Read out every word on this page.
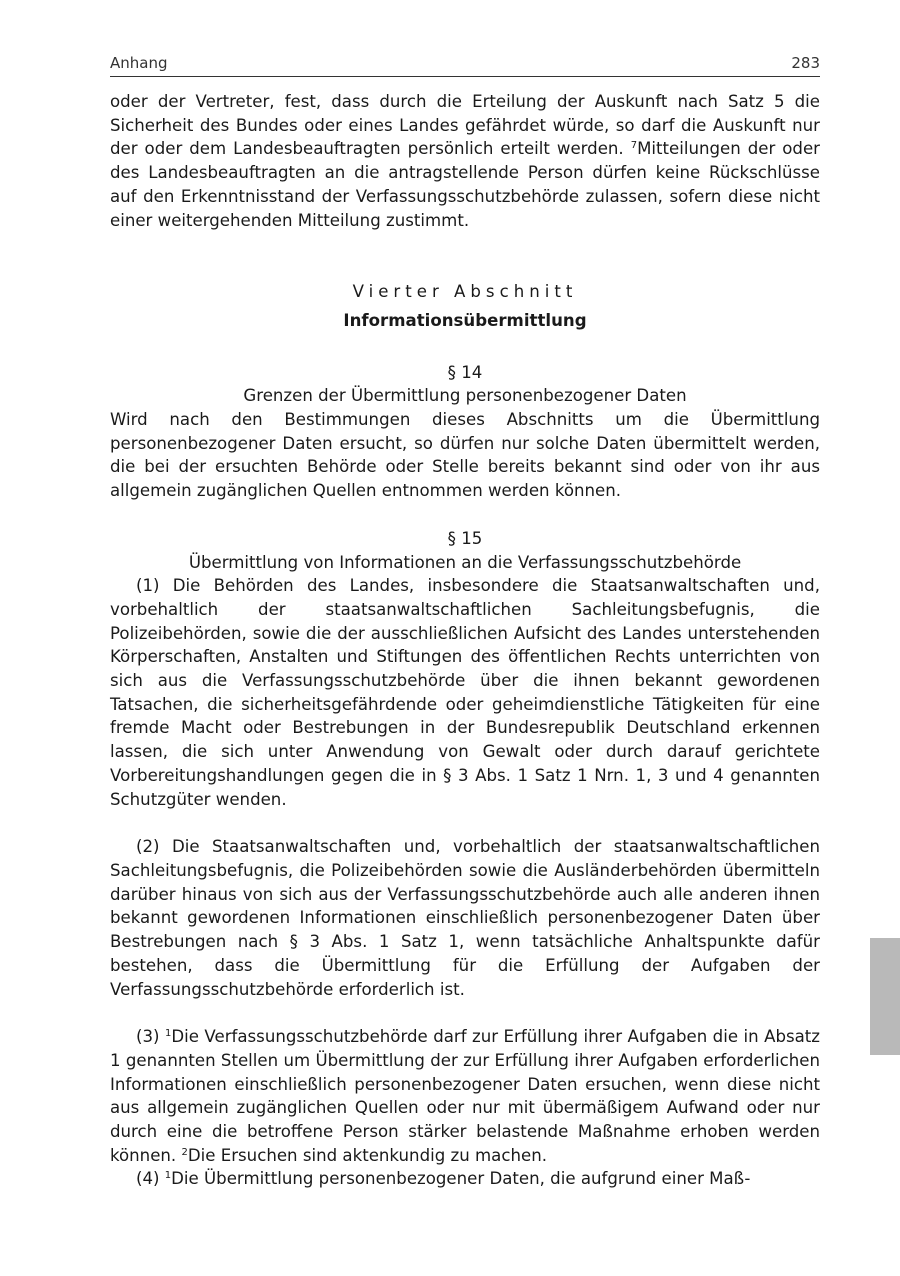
Anhang	283

oder der Vertreter, fest, dass durch die Erteilung der Auskunft nach Satz 5 die Sicherheit des Bundes oder eines Landes gefährdet würde, so darf die Auskunft nur der oder dem Landesbeauftragten persönlich erteilt werden. $^7$Mitteilungen der oder des Landesbeauftragten an die antragstellende Person dürfen keine Rückschlüsse auf den Erkenntnisstand der Verfassungsschutzbehörde zulassen, sofern diese nicht einer weitergehenden Mitteilung zustimmt.

Vierter Abschnitt

Informationsübermittlung

§ 14

Grenzen der Übermittlung personenbezogener Daten

Wird nach den Bestimmungen dieses Abschnitts um die Übermittlung personenbezogener Daten ersucht, so dürfen nur solche Daten übermittelt werden, die bei der ersuchten Behörde oder Stelle bereits bekannt sind oder von ihr aus allgemein zugänglichen Quellen entnommen werden können.

§ 15

Übermittlung von Informationen an die Verfassungsschutzbehörde

(1) Die Behörden des Landes, insbesondere die Staatsanwaltschaften und, vorbehaltlich der staatsanwaltschaftlichen Sachleitungsbefugnis, die Polizeibehörden, sowie die der ausschließlichen Aufsicht des Landes unterstehenden Körperschaften, Anstalten und Stiftungen des öffentlichen Rechts unterrichten von sich aus die Verfassungsschutzbehörde über die ihnen bekannt gewordenen Tatsachen, die sicherheitsgefährdende oder geheimdienstliche Tätigkeiten für eine fremde Macht oder Bestrebungen in der Bundesrepublik Deutschland erkennen lassen, die sich unter Anwendung von Gewalt oder durch darauf gerichtete Vorbereitungshandlungen gegen die in § 3 Abs. 1 Satz 1 Nrn. 1, 3 und 4 genannten Schutzgüter wenden.

(2) Die Staatsanwaltschaften und, vorbehaltlich der staatsanwaltschaftlichen Sachleitungsbefugnis, die Polizeibehörden sowie die Ausländerbehörden übermitteln darüber hinaus von sich aus der Verfassungsschutzbehörde auch alle anderen ihnen bekannt gewordenen Informationen einschließlich personenbezogener Daten über Bestrebungen nach § 3 Abs. 1 Satz 1, wenn tatsächliche Anhaltspunkte dafür bestehen, dass die Übermittlung für die Erfüllung der Aufgaben der Verfassungsschutzbehörde erforderlich ist.

(3) $^1$Die Verfassungsschutzbehörde darf zur Erfüllung ihrer Aufgaben die in Absatz 1 genannten Stellen um Übermittlung der zur Erfüllung ihrer Aufgaben erforderlichen Informationen einschließlich personenbezogener Daten ersuchen, wenn diese nicht aus allgemein zugänglichen Quellen oder nur mit übermäßigem Aufwand oder nur durch eine die betroffene Person stärker belastende Maßnahme erhoben werden können. $^2$Die Ersuchen sind aktenkundig zu machen.

(4) $^1$Die Übermittlung personenbezogener Daten, die aufgrund einer Maß-
